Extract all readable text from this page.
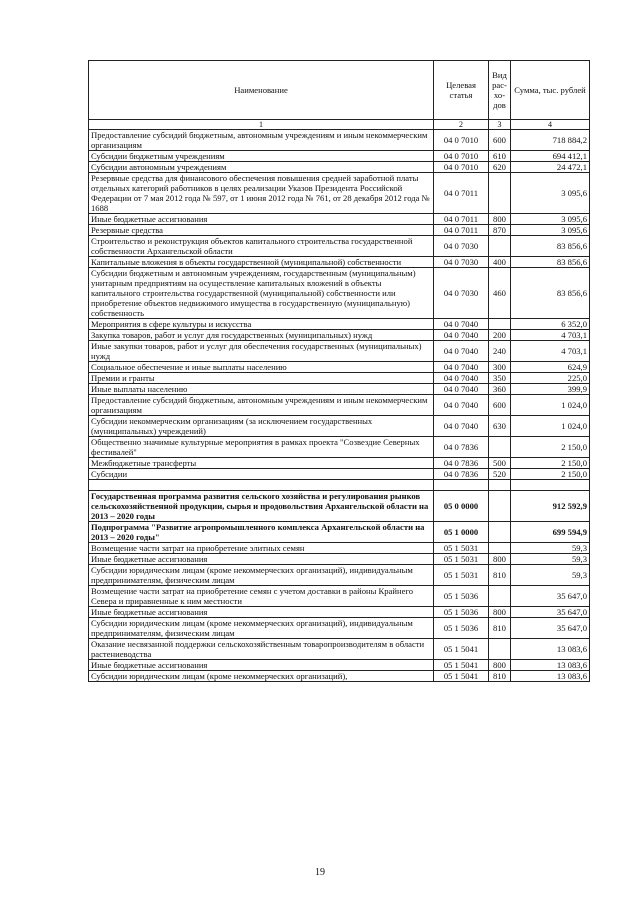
Наименование	Целевая статья	Вид рас- хо- дов	Сумма, тыс. рублей
1	2	3	4
Предоставление субсидий бюджетным, автономным учреждениям и иным некоммерческим организациям	04 0 7010	600	718 884,2
Субсидии бюджетным учреждениям	04 0 7010	610	694 412,1
Субсидии автономным учреждениям	04 0 7010	620	24 472,1
Резервные средства для финансового обеспечения повышения средней заработной платы отдельных категорий работников в целях реализации Указов Президента Российской Федерации от 7 мая 2012 года № 597, от 1 июня 2012 года № 761, от 28 декабря 2012 года № 1688	04 0 7011		3 095,6
Иные бюджетные ассигнования	04 0 7011	800	3 095,6
Резервные средства	04 0 7011	870	3 095,6
Строительство и реконструкция объектов капитального строительства государственной собственности Архангельской области	04 0 7030		83 856,6
Капитальные вложения в объекты государственной (муниципальной) собственности	04 0 7030	400	83 856,6
Субсидии бюджетным и автономным учреждениям, государственным (муниципальным) унитарным предприятиям на осуществление капитальных вложений в объекты капитального строительства государственной (муниципальной) собственности или приобретение объектов недвижимого имущества в государственную (муниципальную) собственность	04 0 7030	460	83 856,6
Мероприятия в сфере культуры и искусства	04 0 7040		6 352,0
Закупка товаров, работ и услуг для государственных (муниципальных) нужд	04 0 7040	200	4 703,1
Иные закупки товаров, работ и услуг для обеспечения государственных (муниципальных) нужд	04 0 7040	240	4 703,1
Социальное обеспечение и иные выплаты населению	04 0 7040	300	624,9
Премии и гранты	04 0 7040	350	225,0
Иные выплаты населению	04 0 7040	360	399,9
Предоставление субсидий бюджетным, автономным учреждениям и иным некоммерческим организациям	04 0 7040	600	1 024,0
Субсидии некоммерческим организациям (за исключением государственных (муниципальных) учреждений)	04 0 7040	630	1 024,0
Общественно значимые культурные мероприятия в рамках проекта "Созвездие Северных фестивалей"	04 0 7836		2 150,0
Межбюджетные трансферты	04 0 7836	500	2 150,0
Субсидии	04 0 7836	520	2 150,0

Государственная программа развития сельского хозяйства и регулирования рынков сельскохозяйственной продукции, сырья и продовольствия Архангельской области на 2013 – 2020 годы	05 0 0000		912 592,9
Подпрограмма "Развитие агропромышленного комплекса Архангельской области на 2013 – 2020 годы"	05 1 0000		699 594,9
Возмещение части затрат на приобретение элитных семян	05 1 5031		59,3
Иные бюджетные ассигнования	05 1 5031	800	59,3
Субсидии юридическим лицам (кроме некоммерческих организаций), индивидуальным предпринимателям, физическим лицам	05 1 5031	810	59,3
Возмещение части затрат на приобретение семян с учетом доставки в районы Крайнего Севера и приравненные к ним местности	05 1 5036		35 647,0
Иные бюджетные ассигнования	05 1 5036	800	35 647,0
Субсидии юридическим лицам (кроме некоммерческих организаций), индивидуальным предпринимателям, физическим лицам	05 1 5036	810	35 647,0
Оказание несвязанной поддержки сельскохозяйственным товаропроизводителям в области растениеводства	05 1 5041		13 083,6
Иные бюджетные ассигнования	05 1 5041	800	13 083,6
Субсидии юридическим лицам (кроме некоммерческих организаций),	05 1 5041	810	13 083,6
19
